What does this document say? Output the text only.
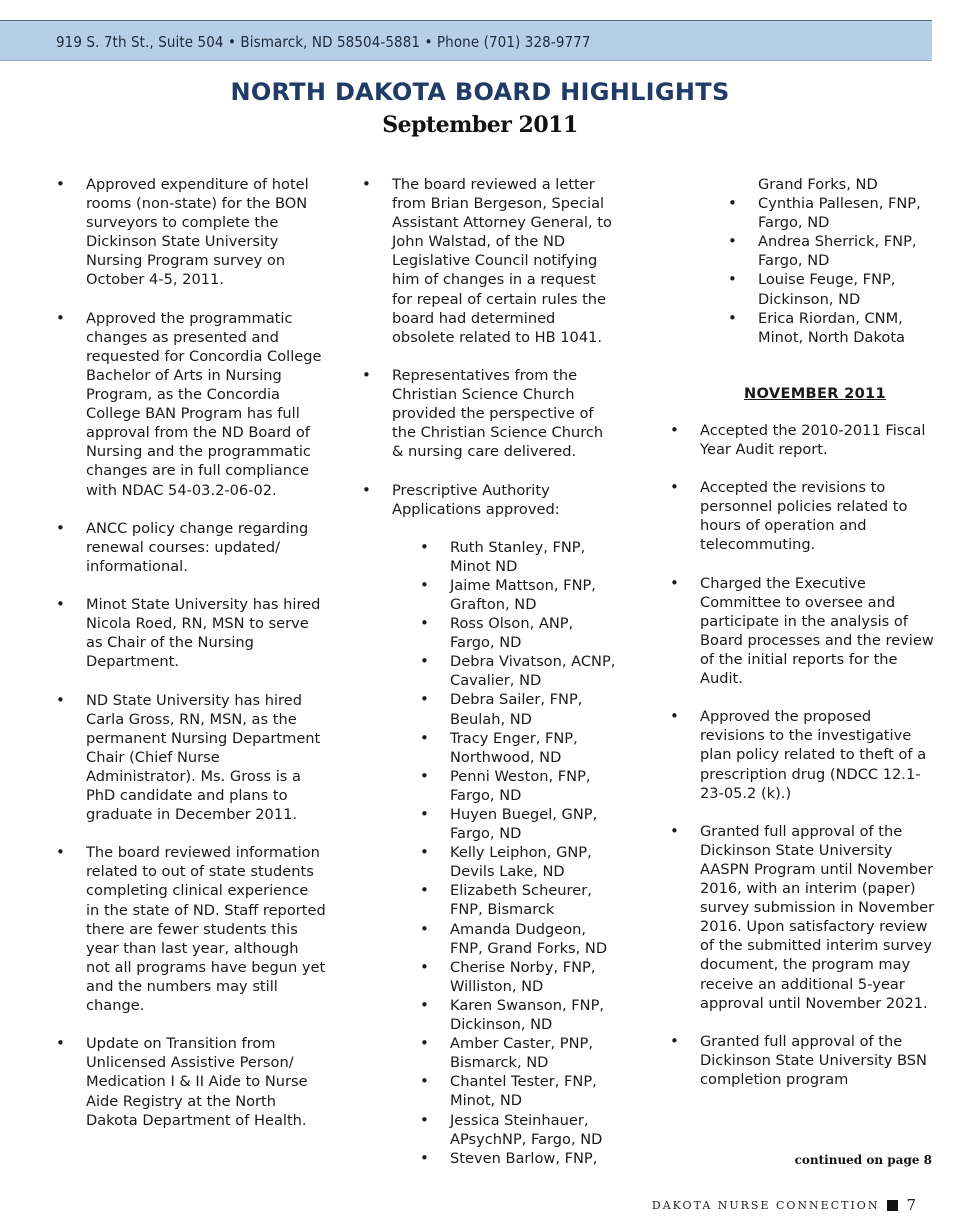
919 S. 7th St., Suite 504 • Bismarck, ND 58504-5881 • Phone (701) 328-9777
NORTH DAKOTA BOARD HIGHLIGHTS
September 2011
• Approved expenditure of hotel rooms (non-state) for the BON surveyors to complete the Dickinson State University Nursing Program survey on October 4-5, 2011.
• Approved the programmatic changes as presented and requested for Concordia College Bachelor of Arts in Nursing Program, as the Concordia College BAN Program has full approval from the ND Board of Nursing and the programmatic changes are in full compliance with NDAC 54-03.2-06-02.
• ANCC policy change regarding renewal courses: updated/ informational.
• Minot State University has hired Nicola Roed, RN, MSN to serve as Chair of the Nursing Department.
• ND State University has hired Carla Gross, RN, MSN, as the permanent Nursing Department Chair (Chief Nurse Administrator). Ms. Gross is a PhD candidate and plans to graduate in December 2011.
• The board reviewed information related to out of state students completing clinical experience in the state of ND. Staff reported there are fewer students this year than last year, although not all programs have begun yet and the numbers may still change.
• Update on Transition from Unlicensed Assistive Person/ Medication I & II Aide to Nurse Aide Registry at the North Dakota Department of Health.
• The board reviewed a letter from Brian Bergeson, Special Assistant Attorney General, to John Walstad, of the ND Legislative Council notifying him of changes in a request for repeal of certain rules the board had determined obsolete related to HB 1041.
• Representatives from the Christian Science Church provided the perspective of the Christian Science Church & nursing care delivered.
• Prescriptive Authority Applications approved:
• Ruth Stanley, FNP, Minot ND
• Jaime Mattson, FNP, Grafton, ND
• Ross Olson, ANP, Fargo, ND
• Debra Vivatson, ACNP, Cavalier, ND
• Debra Sailer, FNP, Beulah, ND
• Tracy Enger, FNP, Northwood, ND
• Penni Weston, FNP, Fargo, ND
• Huyen Buegel, GNP, Fargo, ND
• Kelly Leiphon, GNP, Devils Lake, ND
• Elizabeth Scheurer, FNP, Bismarck
• Amanda Dudgeon, FNP, Grand Forks, ND
• Cherise Norby, FNP, Williston, ND
• Karen Swanson, FNP, Dickinson, ND
• Amber Caster, PNP, Bismarck, ND
• Chantel Tester, FNP, Minot, ND
• Jessica Steinhauer, APsychNP, Fargo, ND
• Steven Barlow, FNP,
Grand Forks, ND
• Cynthia Pallesen, FNP, Fargo, ND
• Andrea Sherrick, FNP, Fargo, ND
• Louise Feuge, FNP, Dickinson, ND
• Erica Riordan, CNM, Minot, North Dakota
NOVEMBER 2011
• Accepted the 2010-2011 Fiscal Year Audit report.
• Accepted the revisions to personnel policies related to hours of operation and telecommuting.
• Charged the Executive Committee to oversee and participate in the analysis of Board processes and the review of the initial reports for the Audit.
• Approved the proposed revisions to the investigative plan policy related to theft of a prescription drug (NDCC 12.1-23-05.2 (k).)
• Granted full approval of the Dickinson State University AASPN Program until November 2016, with an interim (paper) survey submission in November 2016. Upon satisfactory review of the submitted interim survey document, the program may receive an additional 5-year approval until November 2021.
• Granted full approval of the Dickinson State University BSN completion program
continued on page 8
DAKOTA NURSE CONNECTION 7
